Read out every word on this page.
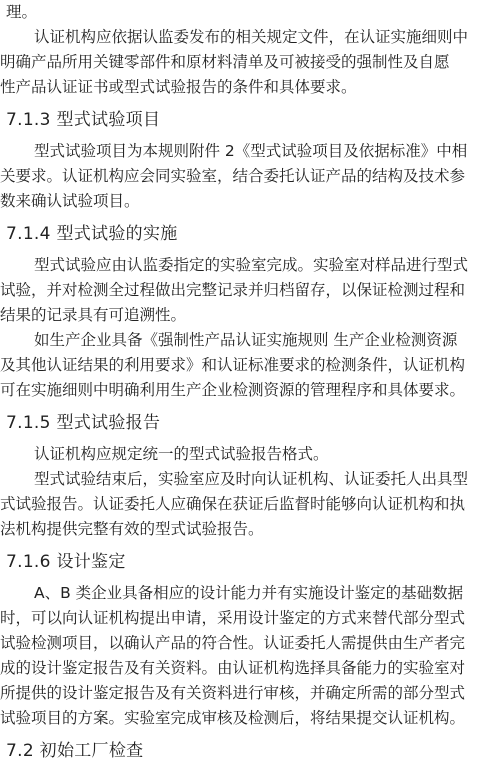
理。

认证机构应依据认监委发布的相关规定文件，在认证实施细则中
明确产品所用关键零部件和原材料清单及可被接受的强制性及自愿
性产品认证证书或型式试验报告的条件和具体要求。

7.1.3 型式试验项目

型式试验项目为本规则附件 2《型式试验项目及依据标准》中相
关要求。认证机构应会同实验室，结合委托认证产品的结构及技术参
数来确认试验项目。

7.1.4 型式试验的实施

型式试验应由认监委指定的实验室完成。实验室对样品进行型式
试验，并对检测全过程做出完整记录并归档留存，以保证检测过程和
结果的记录具有可追溯性。

如生产企业具备《强制性产品认证实施规则 生产企业检测资源
及其他认证结果的利用要求》和认证标准要求的检测条件，认证机构
可在实施细则中明确利用生产企业检测资源的管理程序和具体要求。

7.1.5 型式试验报告

认证机构应规定统一的型式试验报告格式。

型式试验结束后，实验室应及时向认证机构、认证委托人出具型
式试验报告。认证委托人应确保在获证后监督时能够向认证机构和执
法机构提供完整有效的型式试验报告。

7.1.6 设计鉴定

A、B 类企业具备相应的设计能力并有实施设计鉴定的基础数据
时，可以向认证机构提出申请，采用设计鉴定的方式来替代部分型式
试验检测项目，以确认产品的符合性。认证委托人需提供由生产者完
成的设计鉴定报告及有关资料。由认证机构选择具备能力的实验室对
所提供的设计鉴定报告及有关资料进行审核，并确定所需的部分型式
试验项目的方案。实验室完成审核及检测后，将结果提交认证机构。

7.2 初始工厂检查
